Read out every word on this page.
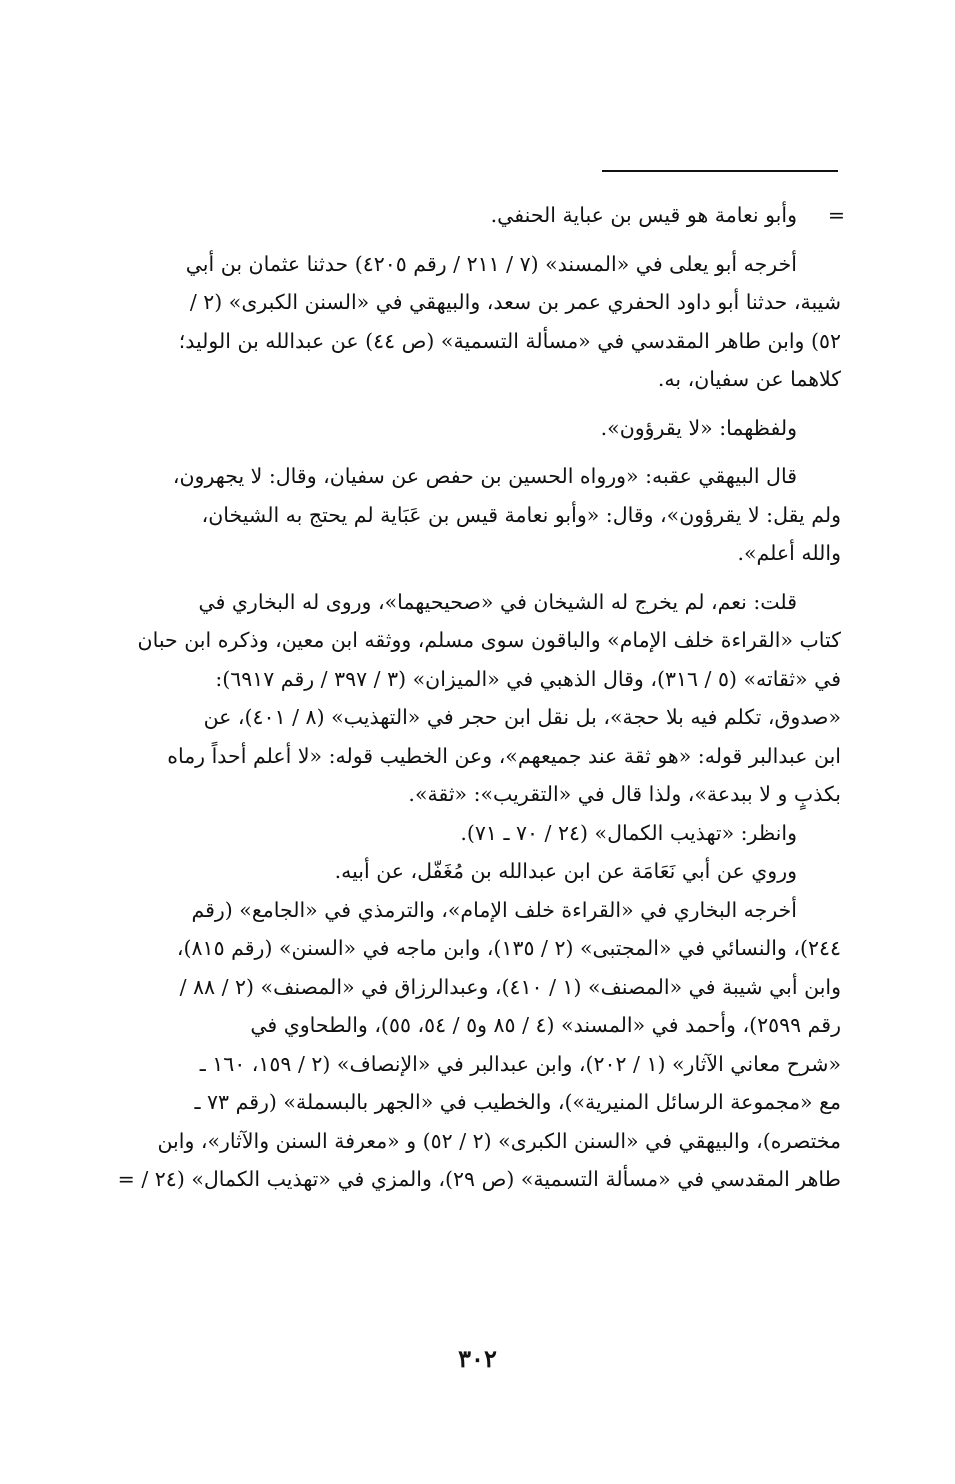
=
وأبو نعامة هو قيس بن عباية الحنفي.
أخرجه أبو يعلى في «المسند» (٧ / ٢١١ / رقم ٤٢٠٥) حدثنا عثمان بن أبي
شيبة، حدثنا أبو داود الحفري عمر بن سعد، والبيهقي في «السنن الكبرى» (٢ /
٥٢) وابن طاهر المقدسي في «مسألة التسمية» (ص ٤٤) عن عبدالله بن الوليد؛
كلاهما عن سفيان، به.
ولفظهما: «لا يقرؤون».
قال البيهقي عقبه: «ورواه الحسين بن حفص عن سفيان، وقال: لا يجهرون،
ولم يقل: لا يقرؤون»، وقال: «وأبو نعامة قيس بن عَبَاية لم يحتج به الشيخان،
والله أعلم».
قلت: نعم، لم يخرج له الشيخان في «صحيحيهما»، وروى له البخاري في
كتاب «القراءة خلف الإمام» والباقون سوى مسلم، ووثقه ابن معين، وذكره ابن حبان
في «ثقاته» (٥ / ٣١٦)، وقال الذهبي في «الميزان» (٣ / ٣٩٧ / رقم ٦٩١٧):
«صدوق، تكلم فيه بلا حجة»، بل نقل ابن حجر في «التهذيب» (٨ / ٤٠١)، عن
ابن عبدالبر قوله: «هو ثقة عند جميعهم»، وعن الخطيب قوله: «لا أعلم أحداً رماه
بكذبٍ و لا ببدعة»، ولذا قال في «التقريب»: «ثقة».
وانظر: «تهذيب الكمال» (٢٤ / ٧٠ ـ ٧١).
وروي عن أبي نَعَامَة عن ابن عبدالله بن مُغَفّل، عن أبيه.
أخرجه البخاري في «القراءة خلف الإمام»، والترمذي في «الجامع» (رقم
٢٤٤)، والنسائي في «المجتبى» (٢ / ١٣٥)، وابن ماجه في «السنن» (رقم ٨١٥)،
وابن أبي شيبة في «المصنف» (١ / ٤١٠)، وعبدالرزاق في «المصنف» (٢ / ٨٨ /
رقم ٢٥٩٩)، وأحمد في «المسند» (٤ / ٨٥ و٥ / ٥٤، ٥٥)، والطحاوي في
«شرح معاني الآثار» (١ / ٢٠٢)، وابن عبدالبر في «الإنصاف» (٢ / ١٥٩، ١٦٠ ـ
مع «مجموعة الرسائل المنيرية»)، والخطيب في «الجهر بالبسملة» (رقم ٧٣ ـ
مختصره)، والبيهقي في «السنن الكبرى» (٢ / ٥٢) و «معرفة السنن والآثار»، وابن
طاهر المقدسي في «مسألة التسمية» (ص ٢٩)، والمزي في «تهذيب الكمال» (٢٤ / =
٣٠٢
